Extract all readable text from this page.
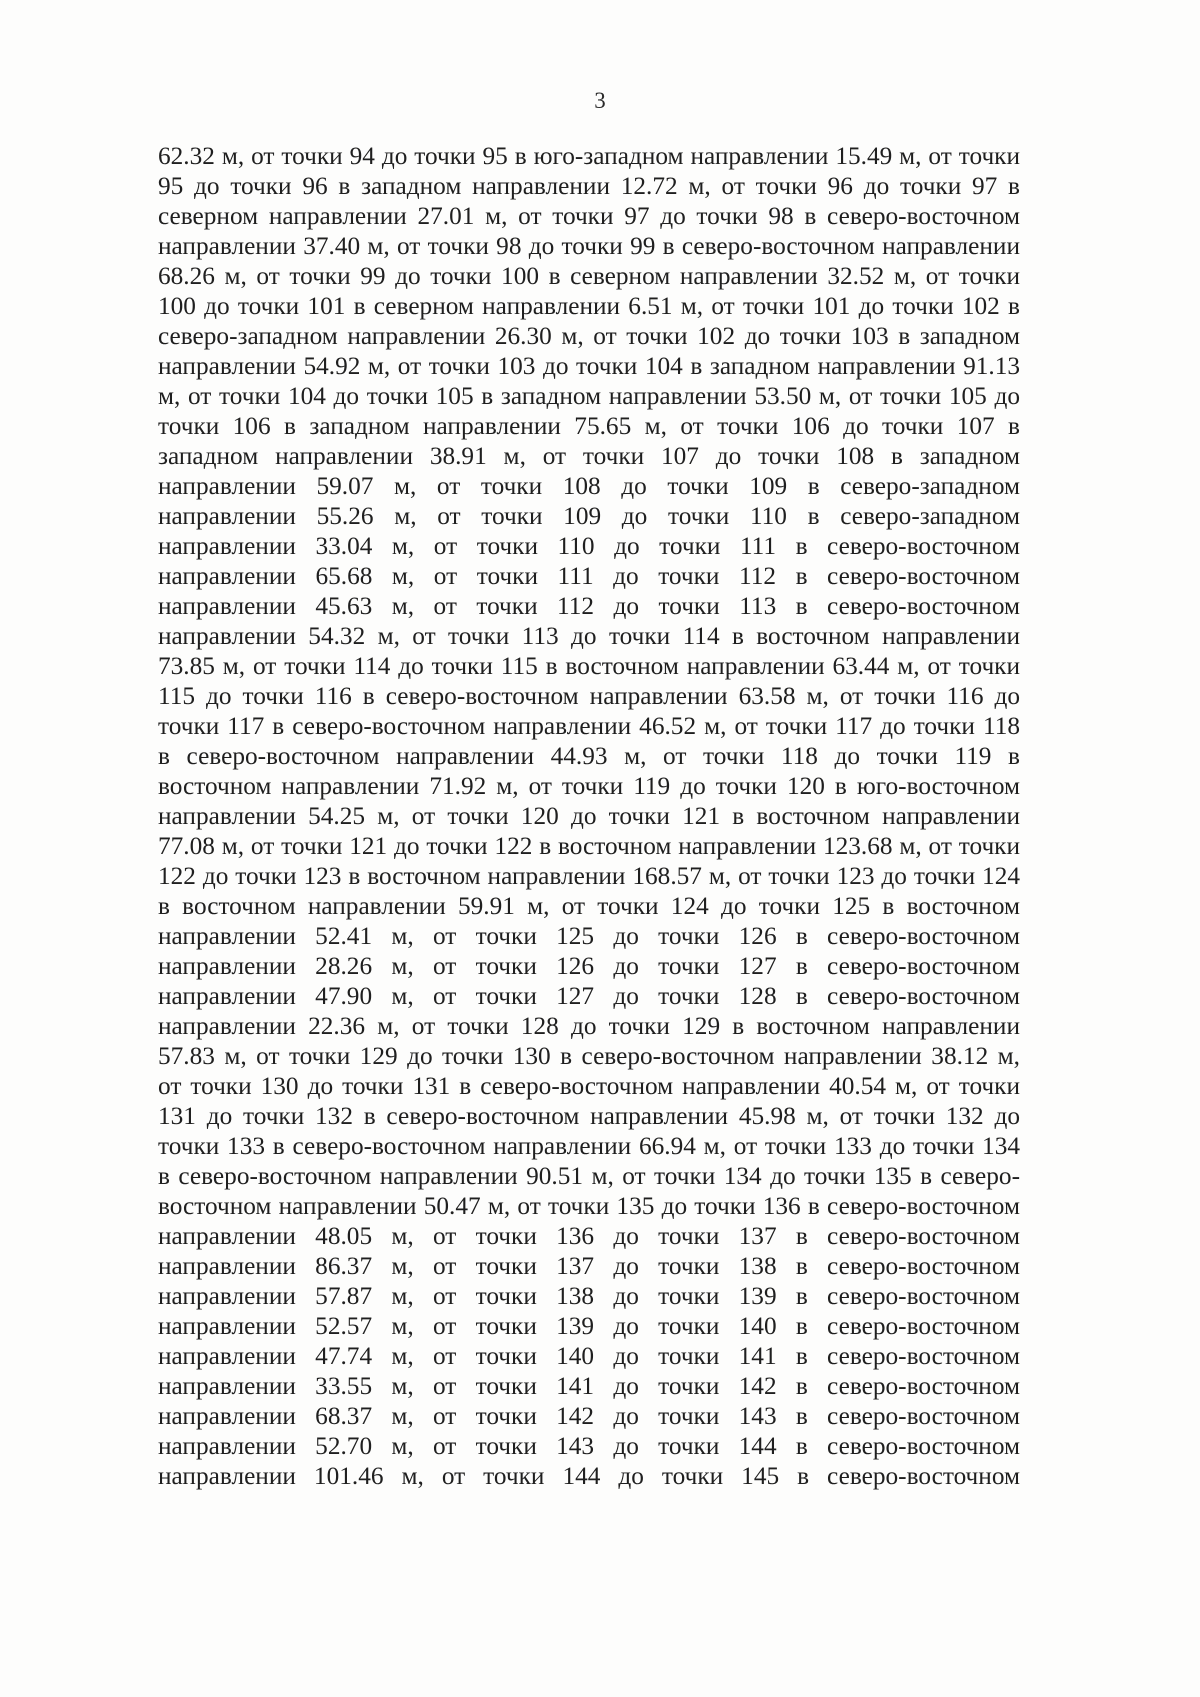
3
62.32 м, от точки 94 до точки 95 в юго-западном направлении 15.49 м, от точки
95 до точки 96 в западном направлении 12.72 м, от точки 96 до точки 97 в
северном направлении 27.01 м, от точки 97 до точки 98 в северо-восточном
направлении 37.40 м, от точки 98 до точки 99 в северо-восточном направлении
68.26 м, от точки 99 до точки 100 в северном направлении 32.52 м, от точки
100 до точки 101 в северном направлении 6.51 м, от точки 101 до точки 102 в
северо-западном направлении 26.30 м, от точки 102 до точки 103 в западном
направлении 54.92 м, от точки 103 до точки 104 в западном направлении 91.13
м, от точки 104 до точки 105 в западном направлении 53.50 м, от точки 105 до
точки 106 в западном направлении 75.65 м, от точки 106 до точки 107 в
западном направлении 38.91 м, от точки 107 до точки 108 в западном
направлении 59.07 м, от точки 108 до точки 109 в северо-западном
направлении 55.26 м, от точки 109 до точки 110 в северо-западном
направлении 33.04 м, от точки 110 до точки 111 в северо-восточном
направлении 65.68 м, от точки 111 до точки 112 в северо-восточном
направлении 45.63 м, от точки 112 до точки 113 в северо-восточном
направлении 54.32 м, от точки 113 до точки 114 в восточном направлении
73.85 м, от точки 114 до точки 115 в восточном направлении 63.44 м, от точки
115 до точки 116 в северо-восточном направлении 63.58 м, от точки 116 до
точки 117 в северо-восточном направлении 46.52 м, от точки 117 до точки 118
в северо-восточном направлении 44.93 м, от точки 118 до точки 119 в
восточном направлении 71.92 м, от точки 119 до точки 120 в юго-восточном
направлении 54.25 м, от точки 120 до точки 121 в восточном направлении
77.08 м, от точки 121 до точки 122 в восточном направлении 123.68 м, от точки
122 до точки 123 в восточном направлении 168.57 м, от точки 123 до точки 124
в восточном направлении 59.91 м, от точки 124 до точки 125 в восточном
направлении 52.41 м, от точки 125 до точки 126 в северо-восточном
направлении 28.26 м, от точки 126 до точки 127 в северо-восточном
направлении 47.90 м, от точки 127 до точки 128 в северо-восточном
направлении 22.36 м, от точки 128 до точки 129 в восточном направлении
57.83 м, от точки 129 до точки 130 в северо-восточном направлении 38.12 м,
от точки 130 до точки 131 в северо-восточном направлении 40.54 м, от точки
131 до точки 132 в северо-восточном направлении 45.98 м, от точки 132 до
точки 133 в северо-восточном направлении 66.94 м, от точки 133 до точки 134
в северо-восточном направлении 90.51 м, от точки 134 до точки 135 в северо-
восточном направлении 50.47 м, от точки 135 до точки 136 в северо-восточном
направлении 48.05 м, от точки 136 до точки 137 в северо-восточном
направлении 86.37 м, от точки 137 до точки 138 в северо-восточном
направлении 57.87 м, от точки 138 до точки 139 в северо-восточном
направлении 52.57 м, от точки 139 до точки 140 в северо-восточном
направлении 47.74 м, от точки 140 до точки 141 в северо-восточном
направлении 33.55 м, от точки 141 до точки 142 в северо-восточном
направлении 68.37 м, от точки 142 до точки 143 в северо-восточном
направлении 52.70 м, от точки 143 до точки 144 в северо-восточном
направлении 101.46 м, от точки 144 до точки 145 в северо-восточном
